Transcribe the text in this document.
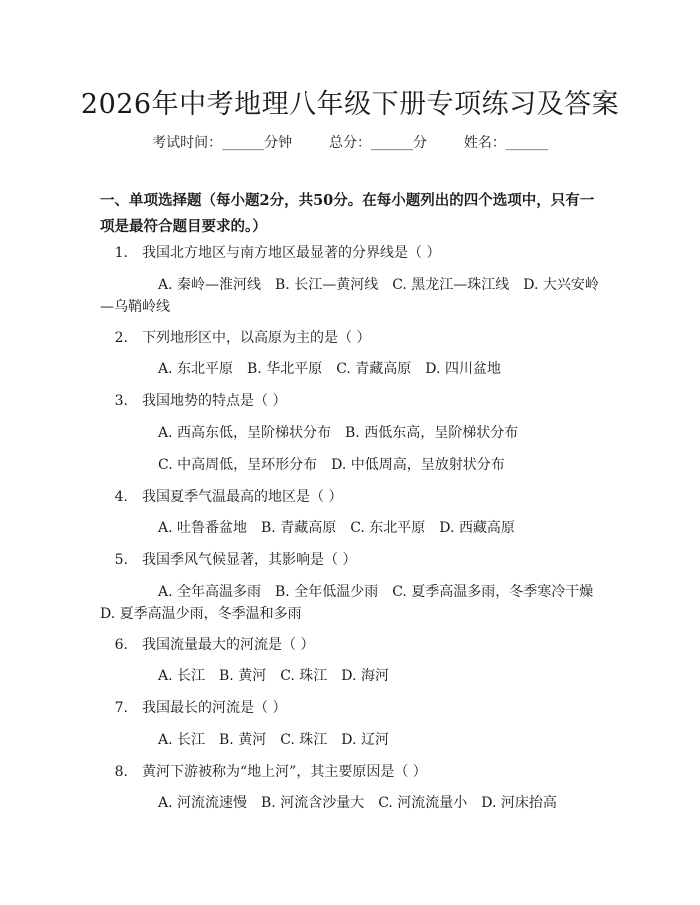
2026年中考地理八年级下册专项练习及答案
考试时间：______分钟	总分：______分	姓名：______
一、单项选择题（每小题2分，共50分。在每小题列出的四个选项中，只有一项是最符合题目要求的。）
1. 我国北方地区与南方地区最显著的分界线是（ ）
A. 秦岭—淮河线　B. 长江—黄河线　C. 黑龙江—珠江线　D. 大兴安岭—乌鞘岭线
2. 下列地形区中，以高原为主的是（ ）
A. 东北平原　B. 华北平原　C. 青藏高原　D. 四川盆地
3. 我国地势的特点是（ ）
A. 西高东低，呈阶梯状分布　B. 西低东高，呈阶梯状分布
C. 中高周低，呈环形分布　D. 中低周高，呈放射状分布
4. 我国夏季气温最高的地区是（ ）
A. 吐鲁番盆地　B. 青藏高原　C. 东北平原　D. 西藏高原
5. 我国季风气候显著，其影响是（ ）
A. 全年高温多雨　B. 全年低温少雨　C. 夏季高温多雨，冬季寒冷干燥　D. 夏季高温少雨，冬季温和多雨
6. 我国流量最大的河流是（ ）
A. 长江　B. 黄河　C. 珠江　D. 海河
7. 我国最长的河流是（ ）
A. 长江　B. 黄河　C. 珠江　D. 辽河
8. 黄河下游被称为“地上河”，其主要原因是（ ）
A. 河流流速慢　B. 河流含沙量大　C. 河流流量小　D. 河床抬高
